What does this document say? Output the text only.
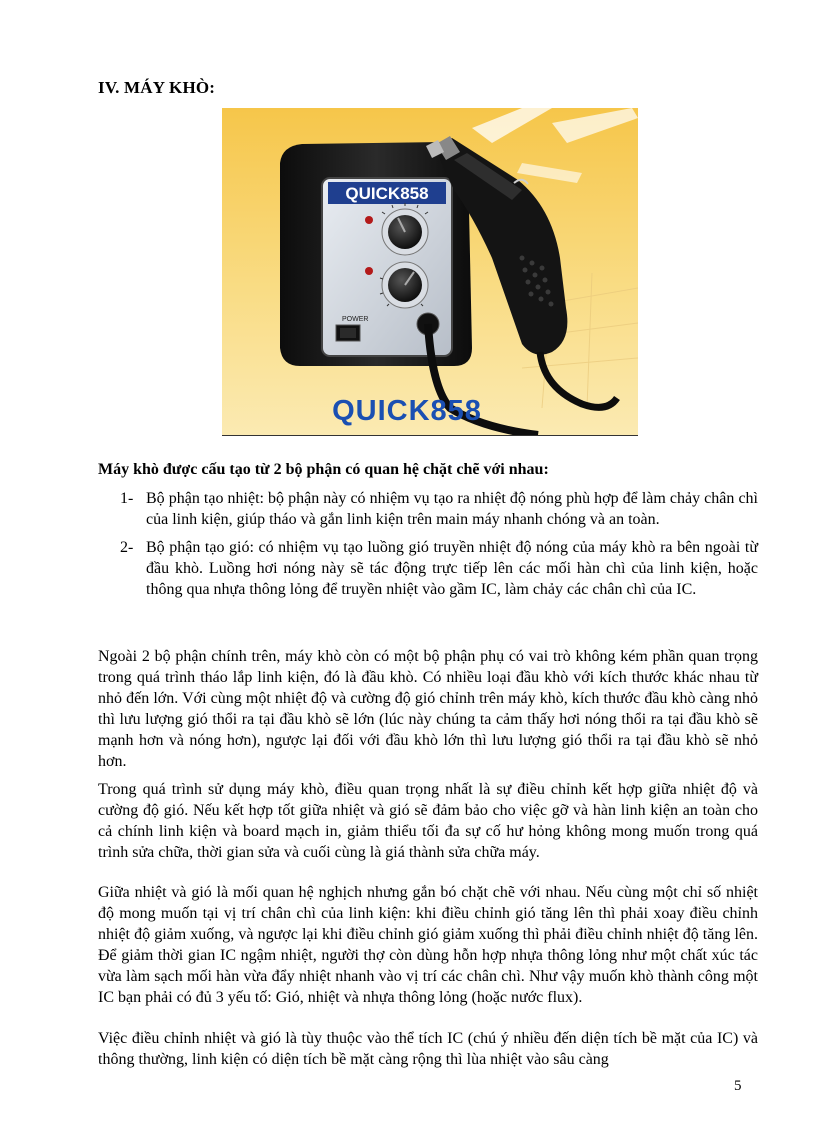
IV. MÁY KHÒ:
QUICK858
POWER
QUICK858

Máy khò được cấu tạo từ 2 bộ phận có quan hệ chặt chẽ với nhau:

1- Bộ phận tạo nhiệt: bộ phận này có nhiệm vụ tạo ra nhiệt độ nóng phù hợp để làm chảy chân chì của linh kiện, giúp tháo và gắn linh kiện trên main máy nhanh chóng và an toàn.
2- Bộ phận tạo gió: có nhiệm vụ tạo luồng gió truyền nhiệt độ nóng của máy khò ra bên ngoài từ đầu khò. Luồng hơi nóng này sẽ tác động trực tiếp lên các mối hàn chì của linh kiện, hoặc thông qua nhựa thông lỏng để truyền nhiệt vào gầm IC, làm chảy các chân chì của IC.

Ngoài 2 bộ phận chính trên, máy khò còn có một bộ phận phụ có vai trò không kém phần quan trọng trong quá trình tháo lắp linh kiện, đó là đầu khò. Có nhiều loại đầu khò với kích thước khác nhau từ nhỏ đến lớn. Với cùng một nhiệt độ và cường độ gió chỉnh trên máy khò, kích thước đầu khò càng nhỏ thì lưu lượng gió thổi ra tại đầu khò sẽ lớn (lúc này chúng ta cảm thấy hơi nóng thổi ra tại đầu khò sẽ mạnh hơn và nóng hơn), ngược lại đối với đầu khò lớn thì lưu lượng gió thổi ra tại đầu khò sẽ nhỏ hơn.

Trong quá trình sử dụng máy khò, điều quan trọng nhất là sự điều chỉnh kết hợp giữa nhiệt độ và cường độ gió. Nếu kết hợp tốt giữa nhiệt và gió sẽ đảm bảo cho việc gỡ và hàn linh kiện an toàn cho cả chính linh kiện và board mạch in, giảm thiểu tối đa sự cố hư hỏng không mong muốn trong quá trình sửa chữa, thời gian sửa và cuối cùng là giá thành sửa chữa máy.

Giữa nhiệt và gió là mối quan hệ nghịch nhưng gắn bó chặt chẽ với nhau. Nếu cùng một chỉ số nhiệt độ mong muốn tại vị trí chân chì của linh kiện: khi điều chỉnh gió tăng lên thì phải xoay điều chỉnh nhiệt độ giảm xuống, và ngược lại khi điều chỉnh gió giảm xuống thì phải điều chỉnh nhiệt độ tăng lên. Để giảm thời gian IC ngậm nhiệt, người thợ còn dùng hỗn hợp nhựa thông lỏng như một chất xúc tác vừa làm sạch mối hàn vừa đẩy nhiệt nhanh vào vị trí các chân chì. Như vậy muốn khò thành công một IC bạn phải có đủ 3 yếu tố: Gió, nhiệt và nhựa thông lỏng (hoặc nước flux).

Việc điều chỉnh nhiệt và gió là tùy thuộc vào thể tích IC (chú ý nhiều đến diện tích bề mặt của IC) và thông thường, linh kiện có diện tích bề mặt càng rộng thì lùa nhiệt vào sâu càng

5
